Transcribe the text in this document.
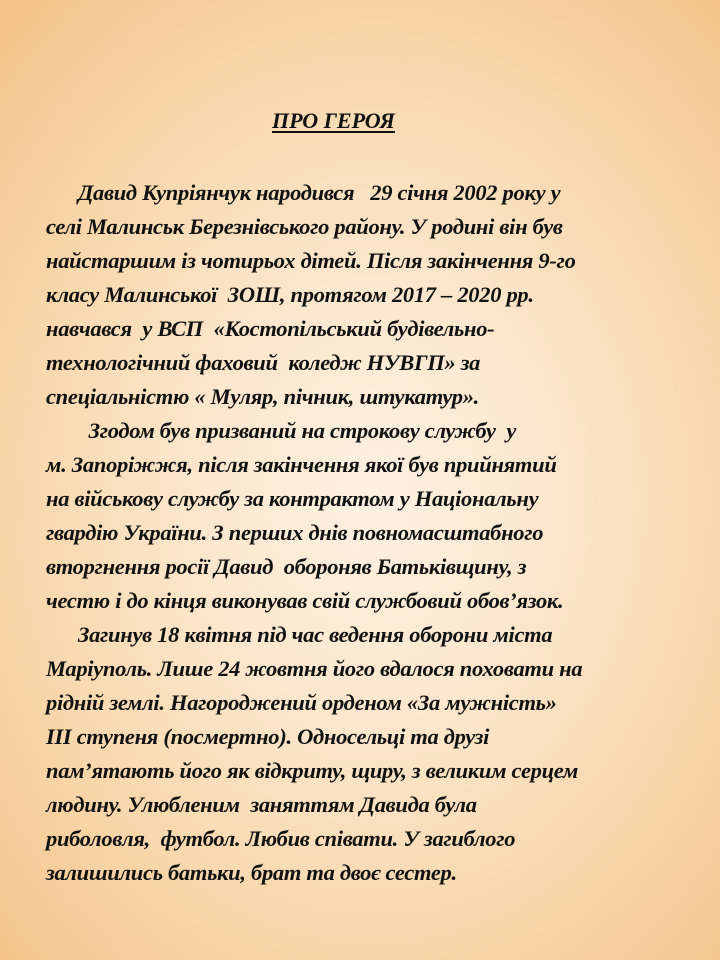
ПРО ГЕРОЯ
Давид Купріянчук народився   29 січня 2002 року у
селі Малинськ Березнівського району. У родині він був
найстаршим із чотирьох дітей. Після закінчення 9-го
класу Малинської  ЗОШ, протягом 2017 – 2020 рр.
навчався  у ВСП  «Костопільський будівельно-
технологічний фаховий  коледж НУВГП» за
спеціальністю « Муляр, пічник, штукатур».
Згодом був призваний на строкову службу  у
м. Запоріжжя, після закінчення якої був прийнятий
на військову службу за контрактом у Національну
гвардію України. З перших днів повномасштабного
вторгнення росії Давид  обороняв Батьківщину, з
честю і до кінця виконував свій службовий обов’язок.
Загинув 18 квітня під час ведення оборони міста
Маріуполь. Лише 24 жовтня його вдалося поховати на
рідній землі. Нагороджений орденом «За мужність»
ІІІ ступеня (посмертно). Односельці та друзі
пам’ятають його як відкриту, щиру, з великим серцем
людину. Улюбленим  заняттям Давида була
риболовля,  футбол. Любив співати. У загиблого
залишились батьки, брат та двоє сестер.
